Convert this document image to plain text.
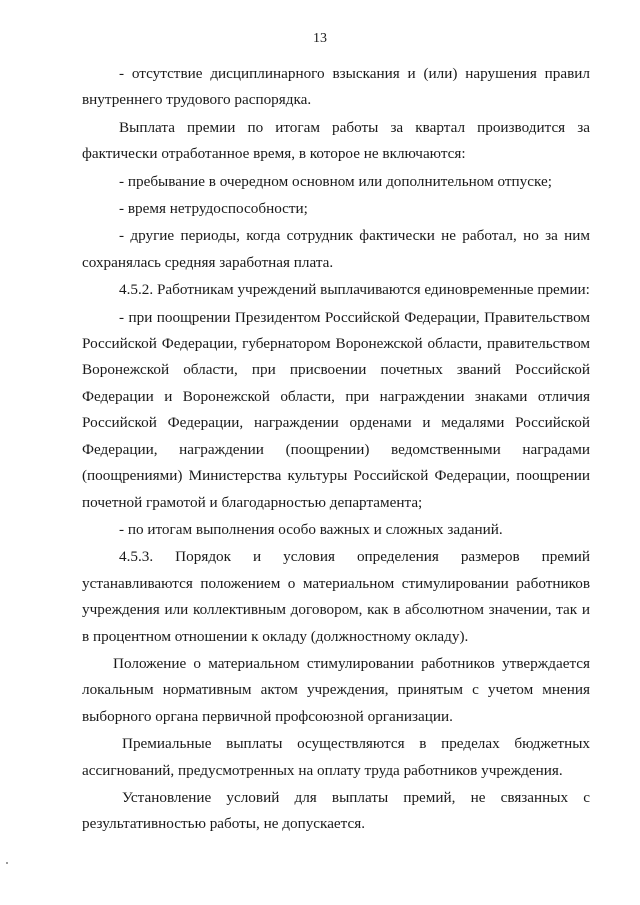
13

- отсутствие дисциплинарного взыскания и (или) нарушения правил внутреннего трудового распорядка.

Выплата премии по итогам работы за квартал производится за фактически отработанное время, в которое не включаются:

- пребывание в очередном основном или дополнительном отпуске;

- время нетрудоспособности;

- другие периоды, когда сотрудник фактически не работал, но за ним сохранялась средняя заработная плата.

4.5.2. Работникам учреждений выплачиваются единовременные премии:

- при поощрении Президентом Российской Федерации, Правительством Российской Федерации, губернатором Воронежской области, правительством Воронежской области, при присвоении почетных званий Российской Федерации и Воронежской области, при награждении знаками отличия Российской Федерации, награждении орденами и медалями Российской Федерации, награждении (поощрении) ведомственными наградами (поощрениями) Министерства культуры Российской Федерации, поощрении почетной грамотой и благодарностью департамента;

- по итогам выполнения особо важных и сложных заданий.

4.5.3. Порядок и условия определения размеров премий устанавливаются положением о материальном стимулировании работников учреждения или коллективным договором, как в абсолютном значении, так и в процентном отношении к окладу (должностному окладу).

Положение о материальном стимулировании работников утверждается локальным нормативным актом учреждения, принятым с учетом мнения выборного органа первичной профсоюзной организации.

Премиальные выплаты осуществляются в пределах бюджетных ассигнований, предусмотренных на оплату труда работников учреждения.

Установление условий для выплаты премий, не связанных с результативностью работы, не допускается.
